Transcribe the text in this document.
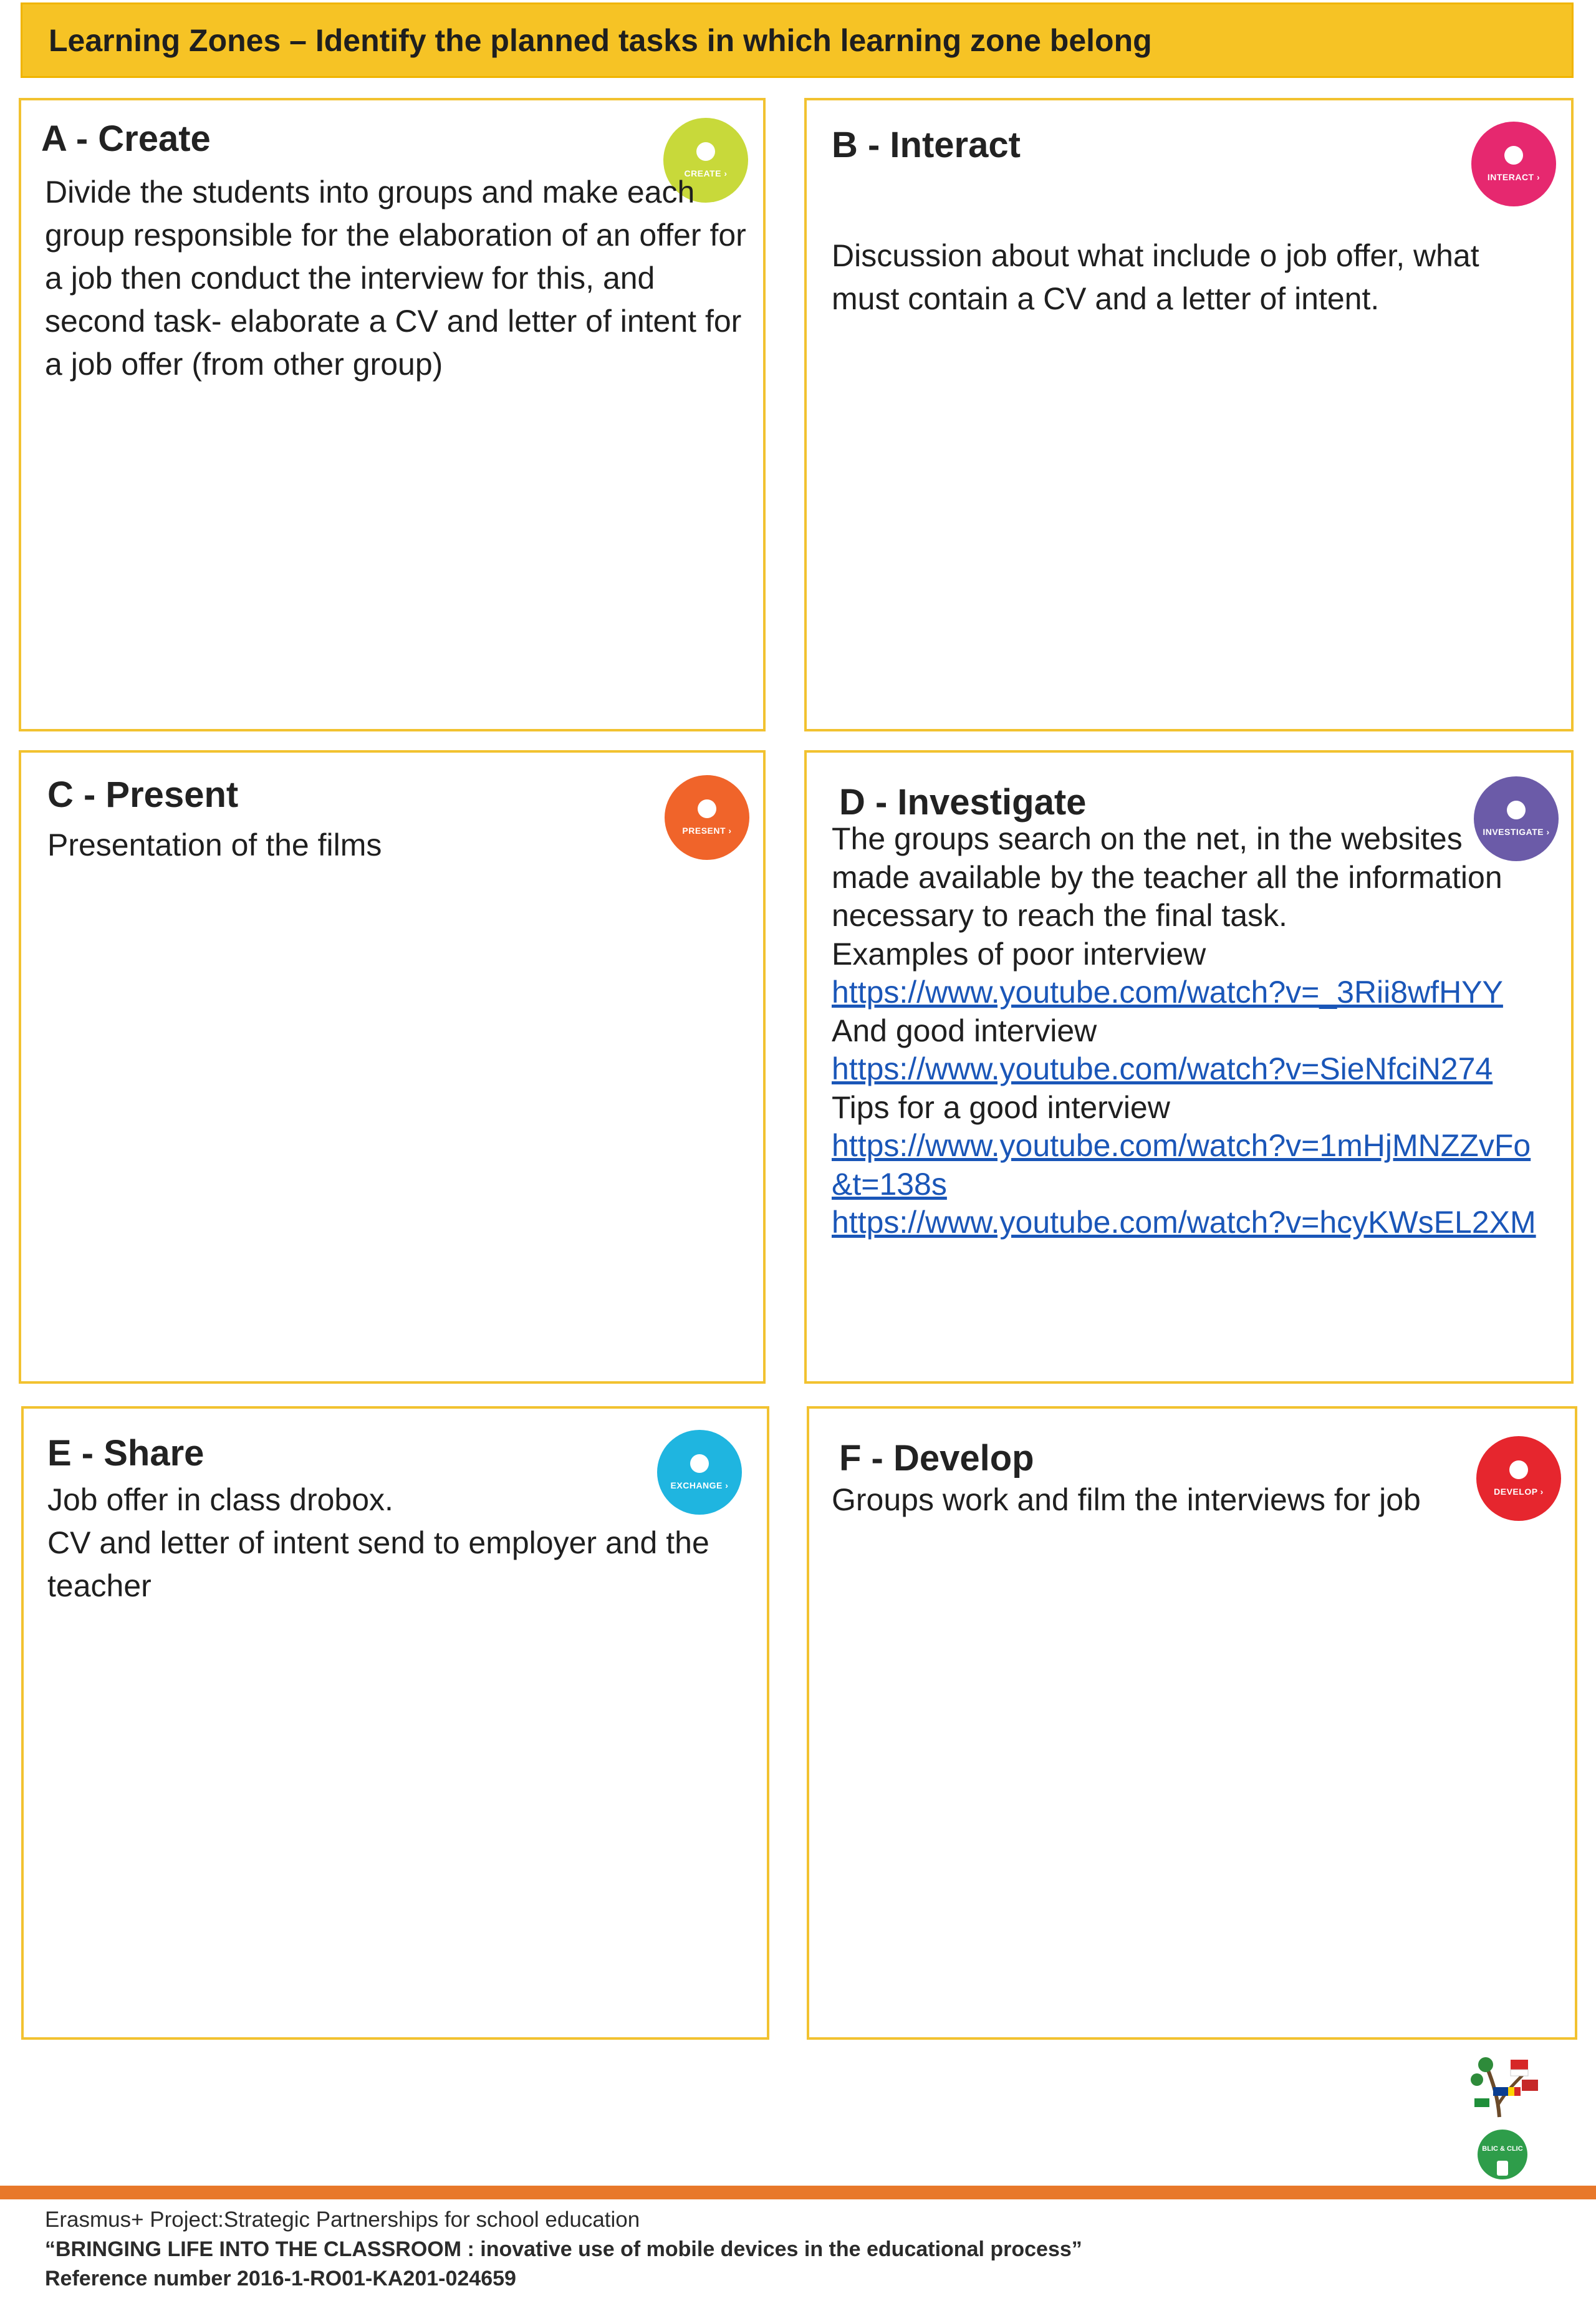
Learning Zones – Identify the planned tasks in which learning zone belong
A - Create
CREATE ›

Divide the students into groups and make each group responsible for the elaboration of an offer for a job then conduct the interview for this, and second task- elaborate a CV and letter of intent for a job offer (from other group)

B - Interact
INTERACT ›

Discussion about what include o job offer, what must contain a CV and a letter of intent.

C - Present
PRESENT ›

Presentation of the films

D - Investigate
INVESTIGATE ›

The groups search on the net, in the websites made available by the teacher all the information necessary to reach the final task.

Examples of poor interview

https://www.youtube.com/watch?v=_3Rii8wfHYY

And good interview

https://www.youtube.com/watch?v=SieNfciN274

Tips for a good interview

https://www.youtube.com/watch?v=1mHjMNZZvFo&t=138s
https://www.youtube.com/watch?v=hcyKWsEL2XM
E - Share
EXCHANGE ›

Job offer in class drobox.

CV and letter of intent send to employer and the teacher

F - Develop
DEVELOP ›

Groups work and film the interviews for job

BLIC & CLIC
Erasmus+ Project:Strategic Partnerships for school education
“BRINGING LIFE INTO THE CLASSROOM : inovative use of mobile devices in the educational process”
Reference number 2016-1-RO01-KA201-024659
